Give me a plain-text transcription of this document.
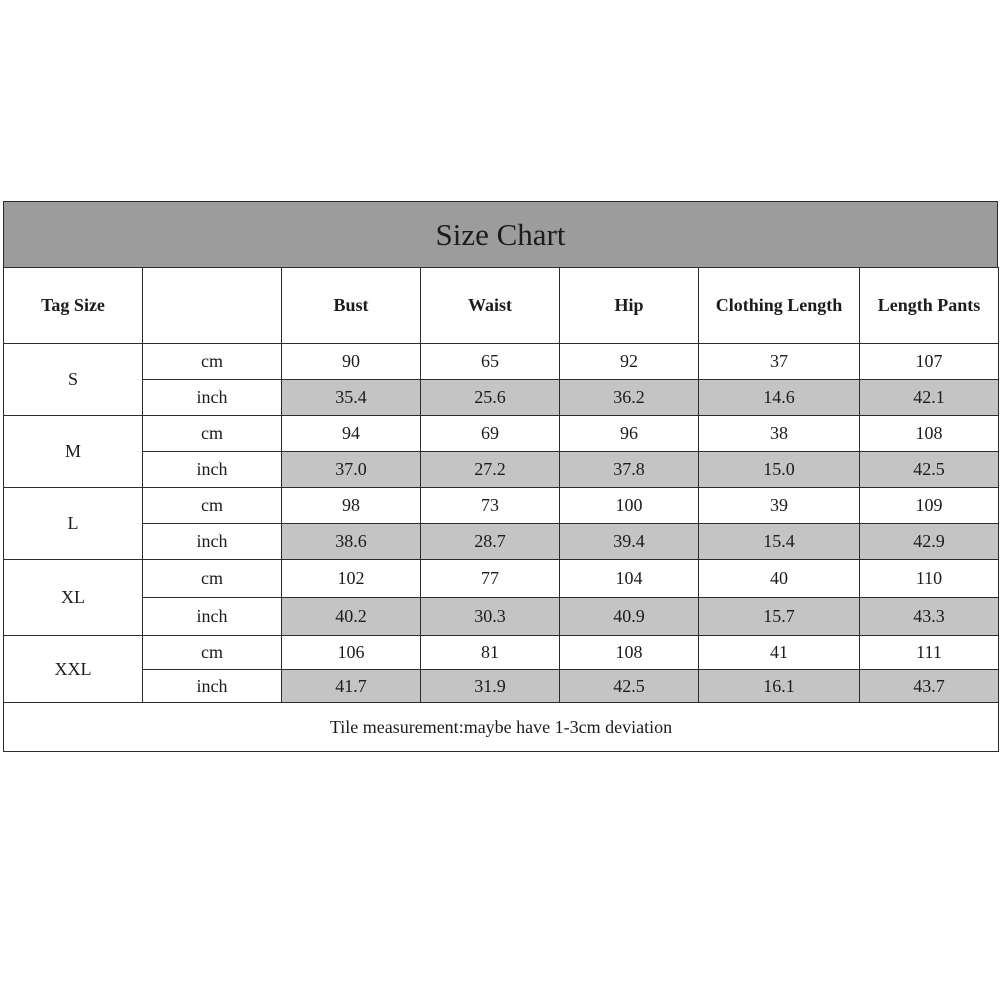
Size Chart
Tag Size		Bust	Waist	Hip	Clothing Length	Length Pants
S	cm	90	65	92	37	107
	inch	35.4	25.6	36.2	14.6	42.1
M	cm	94	69	96	38	108
	inch	37.0	27.2	37.8	15.0	42.5
L	cm	98	73	100	39	109
	inch	38.6	28.7	39.4	15.4	42.9
XL	cm	102	77	104	40	110
	inch	40.2	30.3	40.9	15.7	43.3
XXL	cm	106	81	108	41	111
	inch	41.7	31.9	42.5	16.1	43.7
Tile measurement:maybe have 1-3cm deviation						
